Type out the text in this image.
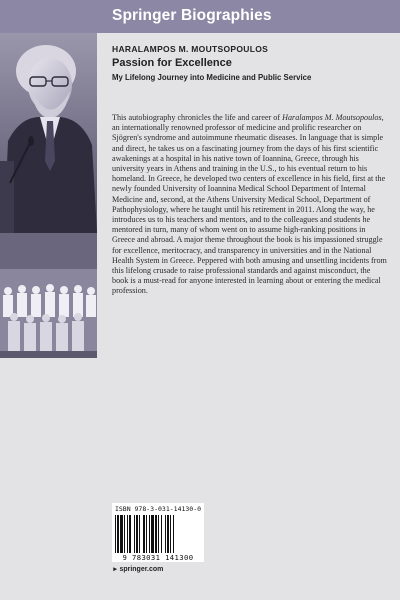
Springer Biographies
HARALAMPOS M. MOUTSOPOULOS
Passion for Excellence
My Lifelong Journey into Medicine and Public Service

This autobiography chronicles the life and career of Haralampos M. Moutsopoulos, an internationally renowned professor of medicine and prolific researcher on Sjögren's syndrome and autoimmune rheumatic diseases. In language that is simple and direct, he takes us on a fascinating journey from the days of his first scientific awakenings at a hospital in his native town of Ioannina, Greece, through his university years in Athens and training in the U.S., to his eventual return to his homeland. In Greece, he developed two centers of excellence in his field, first at the newly founded University of Ioannina Medical School Department of Internal Medicine and, second, at the Athens University Medical School, Department of Pathophysiology, where he taught until his retirement in 2011. Along the way, he introduces us to his teachers and mentors, and to the colleagues and students he mentored in turn, many of whom went on to assume high-ranking positions in Greece and abroad. A major theme throughout the book is his impassioned struggle for excellence, meritocracy, and transparency in universities and in the National Health System in Greece. Peppered with both amusing and unsettling incidents from this lifelong crusade to raise professional standards and against misconduct, the book is a must-read for anyone interested in learning about or entering the medical profession.

ISBN 978-3-031-14130-0
9 783031 141300
►springer.com
